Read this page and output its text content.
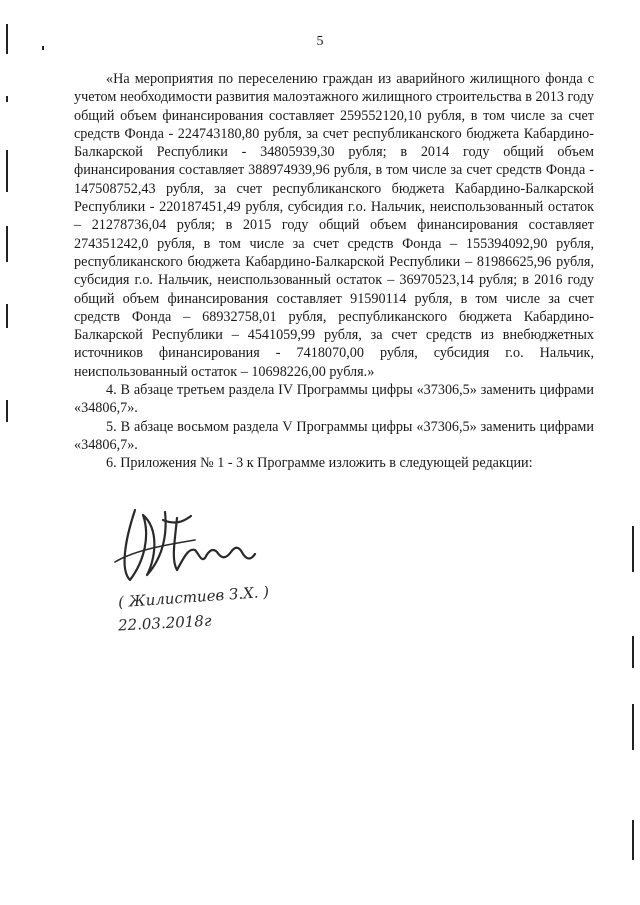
5

«На мероприятия по переселению граждан из аварийного жилищного фонда с учетом необходимости развития малоэтажного жилищного строительства в 2013 году общий объем финансирования составляет 259552120,10 рубля, в том числе за счет средств Фонда - 224743180,80 рубля, за счет республиканского бюджета Кабардино-Балкарской Республики - 34805939,30 рубля; в 2014 году общий объем финансирования составляет 388974939,96 рубля, в том числе за счет средств Фонда - 147508752,43 рубля, за счет республиканского бюджета Кабардино-Балкарской Республики - 220187451,49 рубля, субсидия г.о. Нальчик, неиспользованный остаток – 21278736,04 рубля; в 2015 году общий объем финансирования составляет 274351242,0 рубля, в том числе за счет средств Фонда – 155394092,90 рубля, республиканского бюджета Кабардино-Балкарской Республики – 81986625,96 рубля, субсидия г.о. Нальчик, неиспользованный остаток – 36970523,14 рубля; в 2016 году общий объем финансирования составляет 91590114 рубля, в том числе за счет средств Фонда – 68932758,01 рубля, республиканского бюджета Кабардино-Балкарской Республики – 4541059,99 рубля, за счет средств из внебюджетных источников финансирования - 7418070,00 рубля, субсидия г.о. Нальчик, неиспользованный остаток – 10698226,00 рубля.»

4. В абзаце третьем раздела IV Программы цифры «37306,5» заменить цифрами «34806,7».

5. В абзаце восьмом раздела V Программы цифры «37306,5» заменить цифрами «34806,7».

6. Приложения № 1 - 3 к Программе изложить в следующей редакции:

( Жилистиев З.Х. )
22.03.2018г
